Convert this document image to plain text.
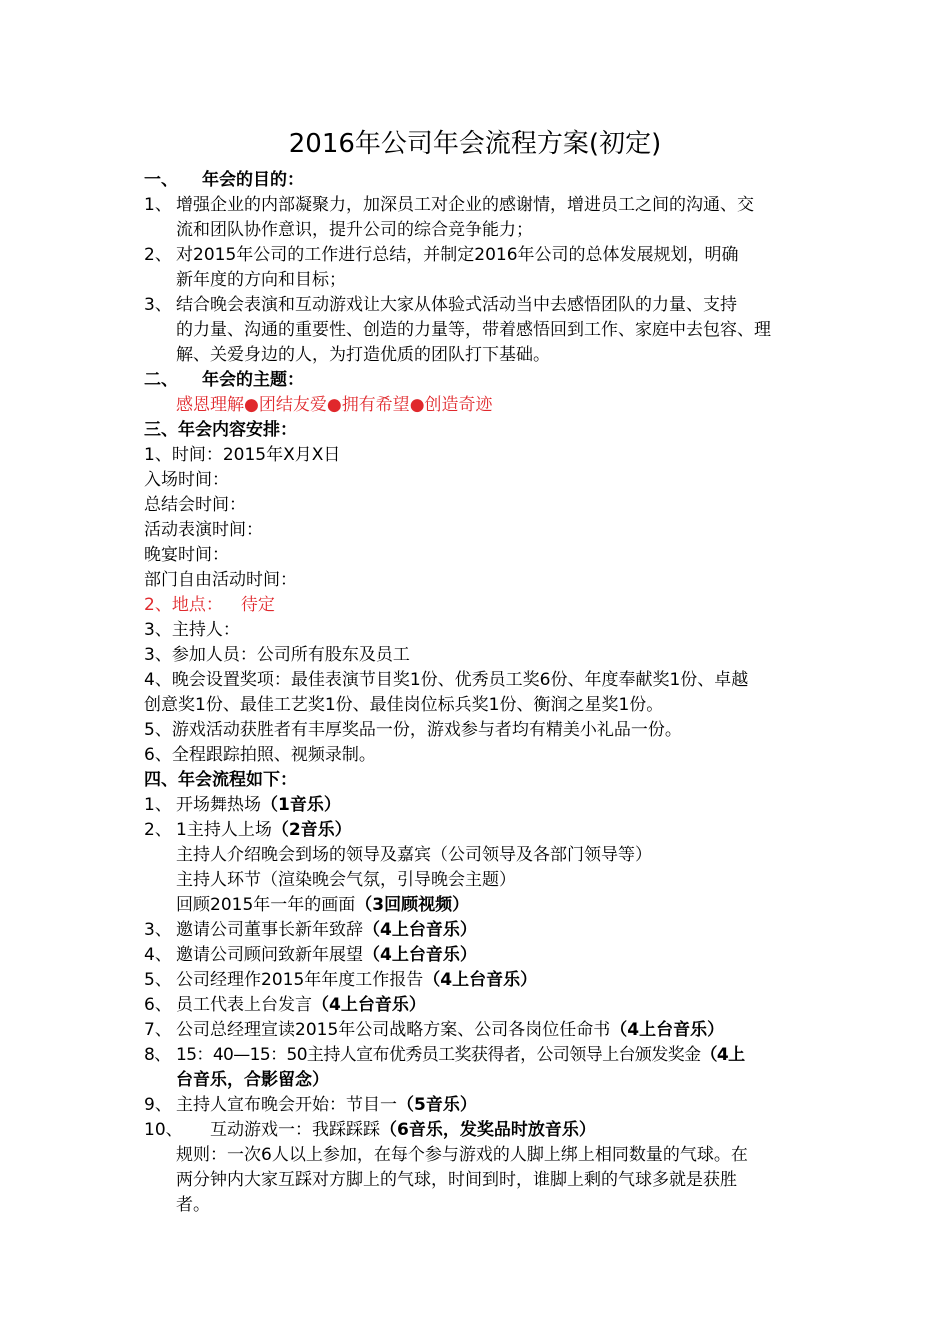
2016年公司年会流程方案(初定)
一、 年会的目的：
1、 增强企业的内部凝聚力，加深员工对企业的感谢情，增进员工之间的沟通、交
流和团队协作意识，提升公司的综合竞争能力；
2、 对2015年公司的工作进行总结，并制定2016年公司的总体发展规划，明确
新年度的方向和目标；
3、 结合晚会表演和互动游戏让大家从体验式活动当中去感悟团队的力量、支持
的力量、沟通的重要性、创造的力量等，带着感悟回到工作、家庭中去包容、理
解、关爱身边的人，为打造优质的团队打下基础。
二、 年会的主题：
感恩理解●团结友爱●拥有希望●创造奇迹
三、年会内容安排：
1、时间：2015年X月X日
入场时间：
总结会时间：
活动表演时间：
晚宴时间：
部门自由活动时间：
2、地点： 待定
3、主持人：
3、参加人员：公司所有股东及员工
4、晚会设置奖项：最佳表演节目奖1份、优秀员工奖6份、年度奉献奖1份、卓越
创意奖1份、最佳工艺奖1份、最佳岗位标兵奖1份、衡润之星奖1份。
5、游戏活动获胜者有丰厚奖品一份，游戏参与者均有精美小礼品一份。
6、全程跟踪拍照、视频录制。
四、年会流程如下：
1、 开场舞热场（1音乐）
2、 1主持人上场（2音乐）
主持人介绍晚会到场的领导及嘉宾（公司领导及各部门领导等）
主持人环节（渲染晚会气氛，引导晚会主题）
回顾2015年一年的画面（3回顾视频）
3、 邀请公司董事长新年致辞（4上台音乐）
4、 邀请公司顾问致新年展望（4上台音乐）
5、 公司经理作2015年年度工作报告（4上台音乐）
6、 员工代表上台发言（4上台音乐）
7、 公司总经理宣读2015年公司战略方案、公司各岗位任命书（4上台音乐）
8、 15：40—15：50主持人宣布优秀员工奖获得者，公司领导上台颁发奖金（4上
台音乐，合影留念）
9、 主持人宣布晚会开始：节目一（5音乐）
10、 互动游戏一：我踩踩踩（6音乐，发奖品时放音乐）
规则：一次6人以上参加，在每个参与游戏的人脚上绑上相同数量的气球。在
两分钟内大家互踩对方脚上的气球，时间到时，谁脚上剩的气球多就是获胜
者。
